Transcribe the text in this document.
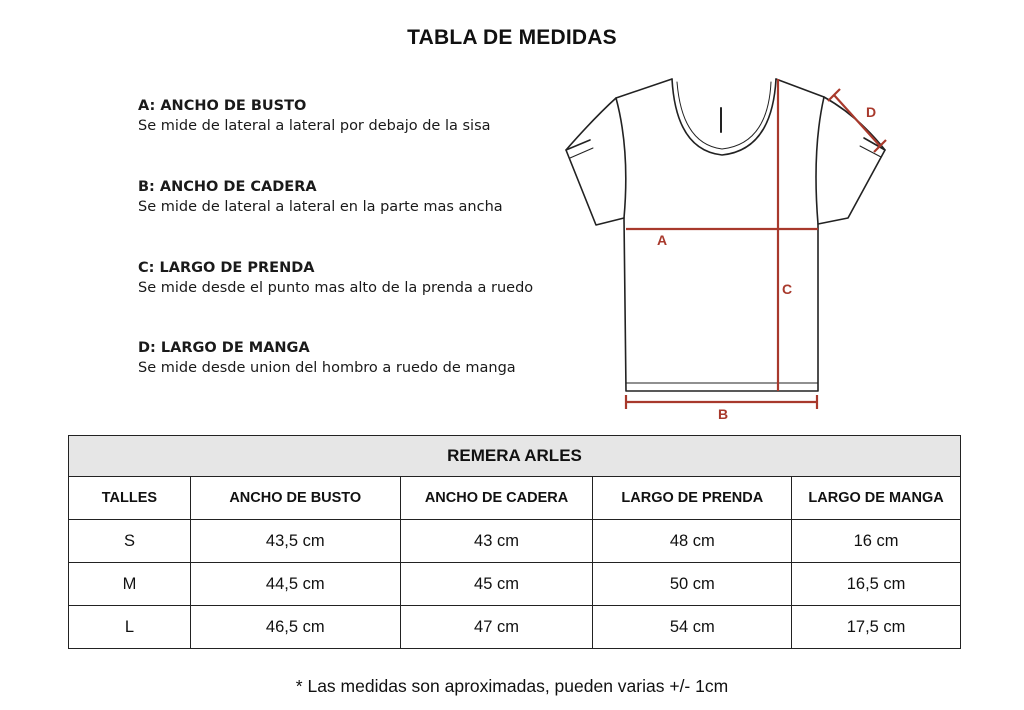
TABLA DE MEDIDAS
A: ANCHO DE BUSTO
Se mide de lateral a lateral por debajo de la sisa
B: ANCHO DE CADERA
Se mide de lateral a lateral en la parte mas ancha
C: LARGO DE PRENDA
Se mide desde el punto mas alto de la prenda a ruedo
D: LARGO DE MANGA
Se mide desde union del hombro a ruedo de manga
A
B
C
D
REMERA ARLES				
TALLES	ANCHO DE BUSTO	ANCHO DE CADERA	LARGO DE PRENDA	LARGO DE MANGA
S	43,5 cm	43 cm	48 cm	16 cm
M	44,5 cm	45 cm	50 cm	16,5 cm
L	46,5 cm	47 cm	54 cm	17,5 cm
* Las medidas son aproximadas, pueden varias +/- 1cm
